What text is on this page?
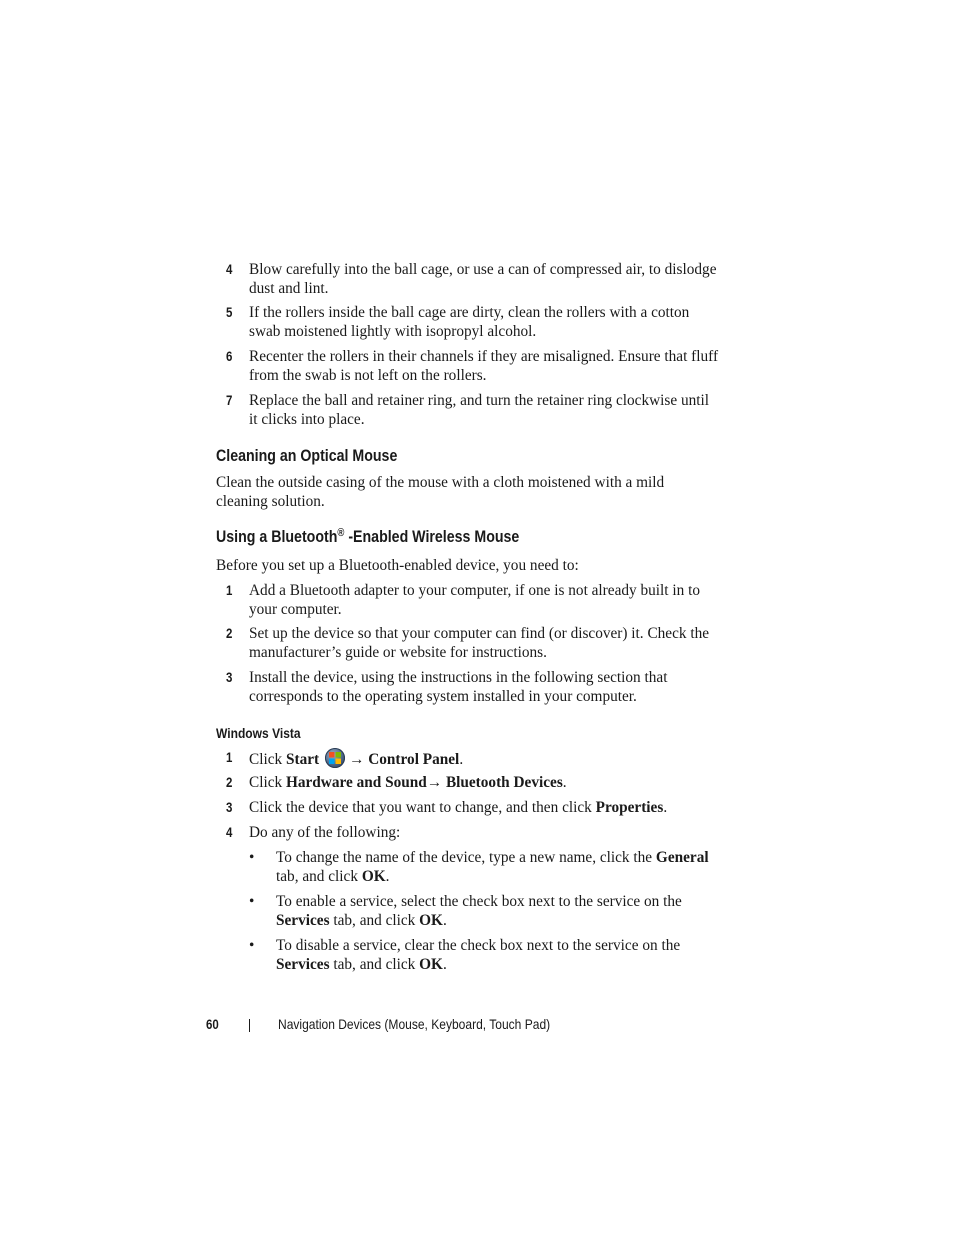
4 Blow carefully into the ball cage, or use a can of compressed air, to dislodge dust and lint.
5 If the rollers inside the ball cage are dirty, clean the rollers with a cotton swab moistened lightly with isopropyl alcohol.
6 Recenter the rollers in their channels if they are misaligned. Ensure that fluff from the swab is not left on the rollers.
7 Replace the ball and retainer ring, and turn the retainer ring clockwise until it clicks into place.
Cleaning an Optical Mouse
Clean the outside casing of the mouse with a cloth moistened with a mild cleaning solution.
Using a Bluetooth® -Enabled Wireless Mouse
Before you set up a Bluetooth-enabled device, you need to:
1 Add a Bluetooth adapter to your computer, if one is not already built in to your computer.
2 Set up the device so that your computer can find (or discover) it. Check the manufacturer’s guide or website for instructions.
3 Install the device, using the instructions in the following section that corresponds to the operating system installed in your computer.
Windows Vista
1 Click Start → Control Panel.
2 Click Hardware and Sound→ Bluetooth Devices.
3 Click the device that you want to change, and then click Properties.
4 Do any of the following:
• To change the name of the device, type a new name, click the General tab, and click OK.
• To enable a service, select the check box next to the service on the Services tab, and click OK.
• To disable a service, clear the check box next to the service on the Services tab, and click OK.
60	Navigation Devices (Mouse, Keyboard, Touch Pad)
